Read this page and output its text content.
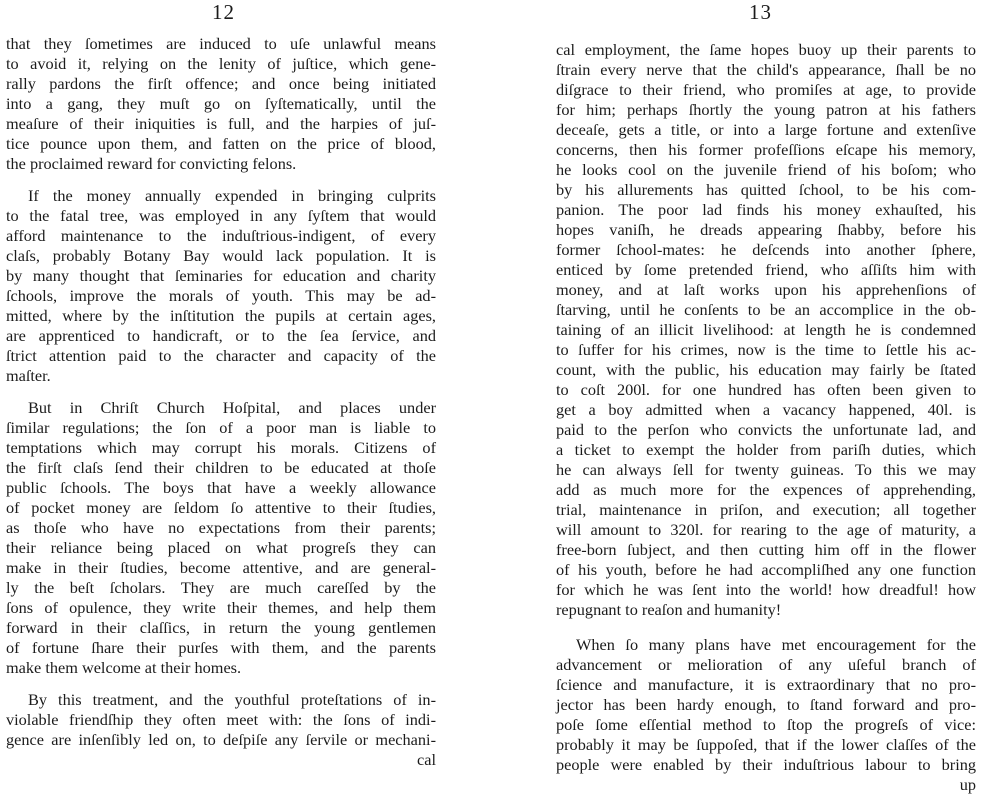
12
that they ſometimes are induced to uſe unlawful means
to avoid it, relying on the lenity of juſtice, which gene-
rally pardons the firſt offence; and once being initiated
into a gang, they muſt go on ſyſtematically, until the
meaſure of their iniquities is full, and the harpies of juſ-
tice pounce upon them, and fatten on the price of blood,
the proclaimed reward for convicting felons.
If the money annually expended in bringing culprits
to the fatal tree, was employed in any ſyſtem that would
afford maintenance to the induſtrious-indigent, of every
claſs, probably Botany Bay would lack population. It is
by many thought that ſeminaries for education and charity
ſchools, improve the morals of youth. This may be ad-
mitted, where by the inſtitution the pupils at certain ages,
are apprenticed to handicraft, or to the ſea ſervice, and
ſtrict attention paid to the character and capacity of the
maſter.
But in Chriſt Church Hoſpital, and places under
ſimilar regulations; the ſon of a poor man is liable to
temptations which may corrupt his morals. Citizens of
the firſt claſs ſend their children to be educated at thoſe
public ſchools. The boys that have a weekly allowance
of pocket money are ſeldom ſo attentive to their ſtudies,
as thoſe who have no expectations from their parents;
their reliance being placed on what progreſs they can
make in their ſtudies, become attentive, and are general-
ly the beſt ſcholars. They are much careſſed by the
ſons of opulence, they write their themes, and help them
forward in their claſſics, in return the young gentlemen
of fortune ſhare their purſes with them, and the parents
make them welcome at their homes.
By this treatment, and the youthful proteſtations of in-
violable friendſhip they often meet with: the ſons of indi-
gence are inſenſibly led on, to deſpiſe any ſervile or mechani-
cal
13
cal employment, the ſame hopes buoy up their parents to
ſtrain every nerve that the child's appearance, ſhall be no
diſgrace to their friend, who promiſes at age, to provide
for him; perhaps ſhortly the young patron at his fathers
deceaſe, gets a title, or into a large fortune and extenſive
concerns, then his former profeſſions eſcape his memory,
he looks cool on the juvenile friend of his boſom; who
by his allurements has quitted ſchool, to be his com-
panion. The poor lad finds his money exhauſted, his
hopes vaniſh, he dreads appearing ſhabby, before his
former ſchool-mates: he deſcends into another ſphere,
enticed by ſome pretended friend, who aſſiſts him with
money, and at laſt works upon his apprehenſions of
ſtarving, until he conſents to be an accomplice in the ob-
taining of an illicit livelihood: at length he is condemned
to ſuffer for his crimes, now is the time to ſettle his ac-
count, with the public, his education may fairly be ſtated
to coſt 200l. for one hundred has often been given to
get a boy admitted when a vacancy happened, 40l. is
paid to the perſon who convicts the unfortunate lad, and
a ticket to exempt the holder from pariſh duties, which
he can always ſell for twenty guineas. To this we may
add as much more for the expences of apprehending,
trial, maintenance in priſon, and execution; all together
will amount to 320l. for rearing to the age of maturity, a
free-born ſubject, and then cutting him off in the flower
of his youth, before he had accompliſhed any one function
for which he was ſent into the world! how dreadful! how
repugnant to reaſon and humanity!
When ſo many plans have met encouragement for the
advancement or melioration of any uſeful branch of
ſcience and manufacture, it is extraordinary that no pro-
jector has been hardy enough, to ſtand forward and pro-
poſe ſome eſſential method to ſtop the progreſs of vice:
probably it may be ſuppoſed, that if the lower claſſes of the
people were enabled by their induſtrious labour to bring
up
